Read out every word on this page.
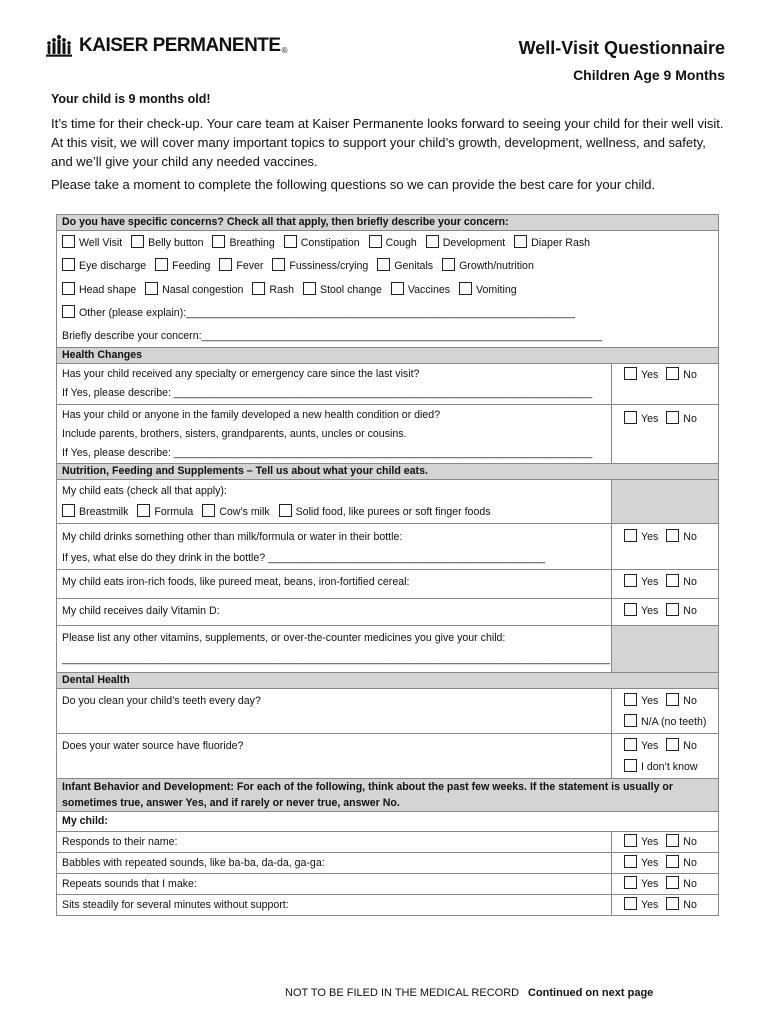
KAISER PERMANENTE ®	Well-Visit Questionnaire
Children Age 9 Months
Your child is 9 months old!

It’s time for their check-up. Your care team at Kaiser Permanente looks forward to seeing your child for their well visit. At this visit, we will cover many important topics to support your child’s growth, development, wellness, and safety, and we’ll give your child any needed vaccines.

Please take a moment to complete the following questions so we can provide the best care for your child.

Do you have specific concerns? Check all that apply, then briefly describe your concern:	

Well Visit Belly button Breathing Constipation Cough Development Diaper Rash
Eye discharge Feeding Fever Fussiness/crying Genitals Growth/nutrition
Head shape Nasal congestion Rash Stool change Vaccines Vomiting
Other (please explain):__________________________________________________________________
Briefly describe your concern:____________________________________________________________________	

Health Changes	

Has your child received any specialty or emergency care since the last visit?
If Yes, please describe: _______________________________________________________________________	Yes No

Has your child or anyone in the family developed a new health condition or died?
Include parents, brothers, sisters, grandparents, aunts, uncles or cousins.
If Yes, please describe: _______________________________________________________________________	Yes No

Nutrition, Feeding and Supplements – Tell us about what your child eats.	

My child eats (check all that apply):
Breastmilk Formula Cow’s milk Solid food, like purees or soft finger foods	

My child drinks something other than milk/formula or water in their bottle:
If yes, what else do they drink in the bottle? _______________________________________________	Yes No

My child eats iron-rich foods, like pureed meat, beans, iron-fortified cereal:	Yes No

My child receives daily Vitamin D:	Yes No

Please list any other vitamins, supplements, or over-the-counter medicines you give your child:
_____________________________________________________________________________________________	

Dental Health	

Do you clean your child’s teeth every day?	Yes No
N/A (no teeth)

Does your water source have fluoride?	Yes No
I don’t know

Infant Behavior and Development: For each of the following, think about the past few weeks. If the statement is usually or sometimes true, answer Yes, and if rarely or never true, answer No.	
My child:	
Responds to their name:	Yes No

Babbles with repeated sounds, like ba-ba, da-da, ga-ga:	Yes No

Repeats sounds that I make:	Yes No

Sits steadily for several minutes without support:	Yes No
NOT TO BE FILED IN THE MEDICAL RECORD Continued on next page
